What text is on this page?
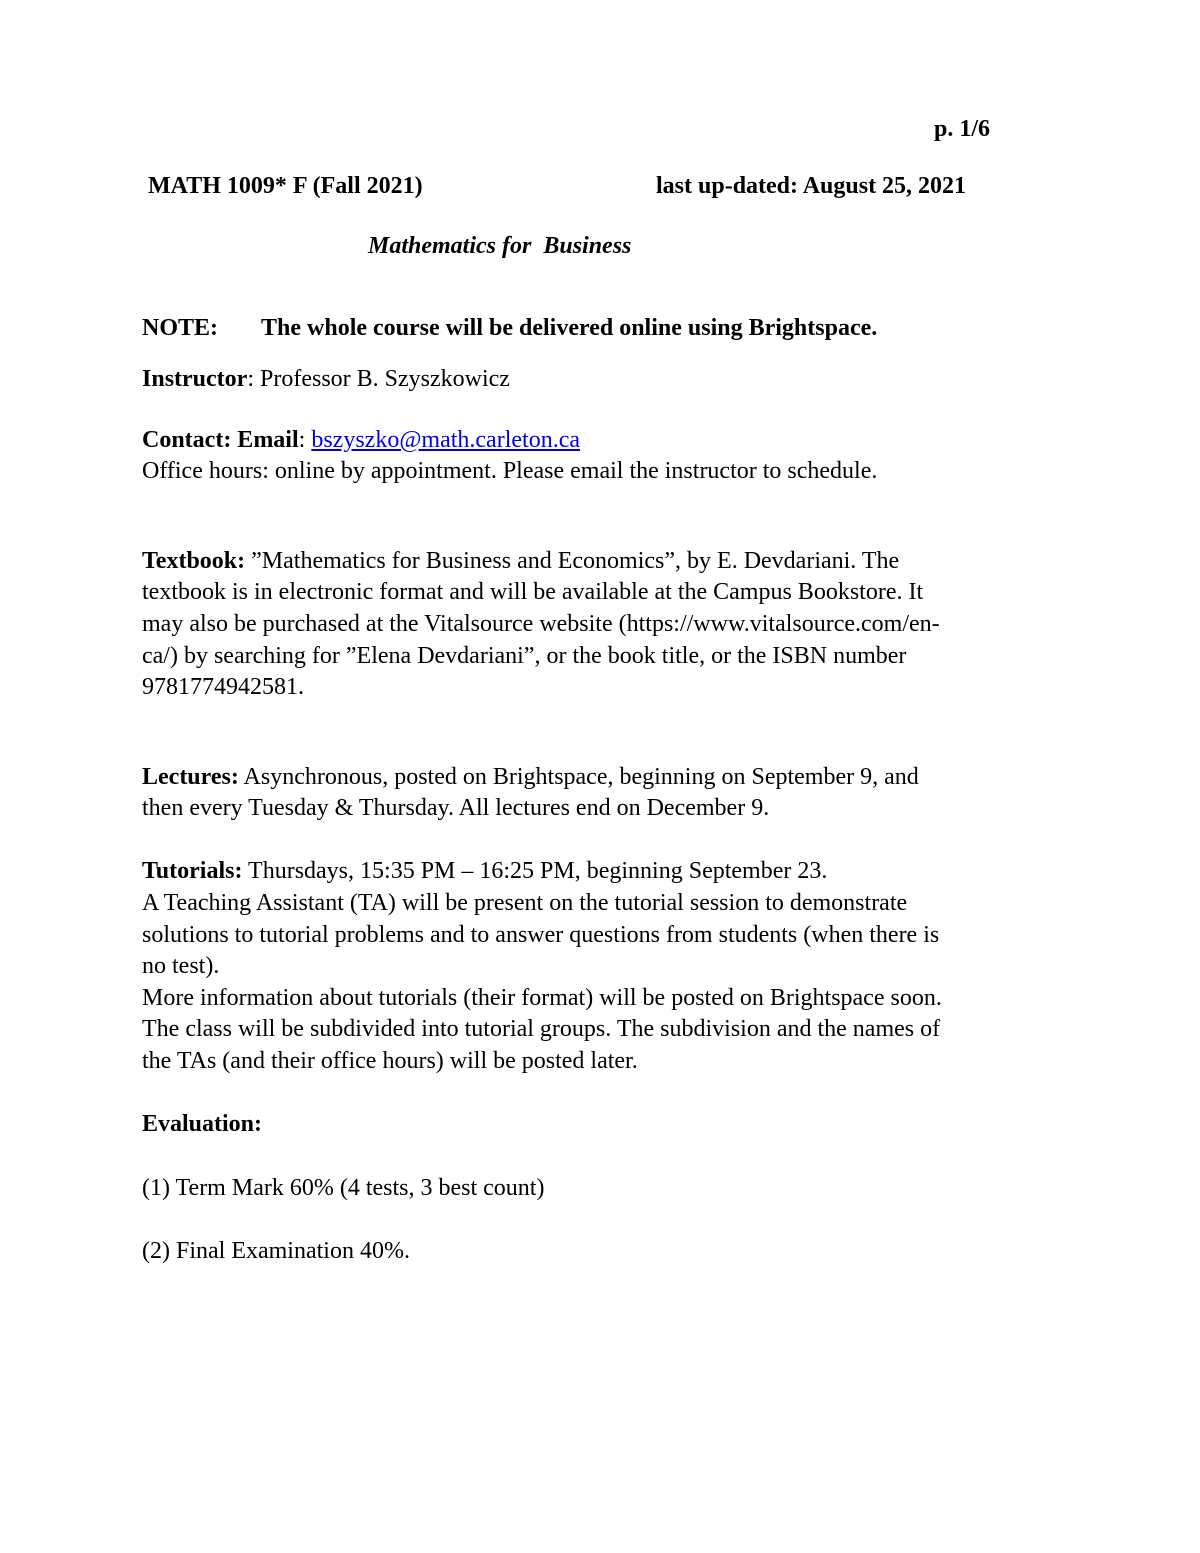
p. 1/6
MATH 1009* F (Fall 2021)	last up-dated: August 25, 2021
Mathematics for  Business
NOTE: The whole course will be delivered online using Brightspace.

Instructor: Professor B. Szyszkowicz

Contact: Email: bszyszko@math.carleton.ca

Office hours: online by appointment. Please email the instructor to schedule.

Textbook: ”Mathematics for Business and Economics”, by E. Devdariani. The

textbook is in electronic format and will be available at the Campus Bookstore. It

may also be purchased at the Vitalsource website (https://www.vitalsource.com/en-

ca/) by searching for ”Elena Devdariani”, or the book title, or the ISBN number

9781774942581.

Lectures: Asynchronous, posted on Brightspace, beginning on September 9, and

then every Tuesday & Thursday. All lectures end on December 9.

Tutorials: Thursdays, 15:35 PM – 16:25 PM, beginning September 23.

A Teaching Assistant (TA) will be present on the tutorial session to demonstrate

solutions to tutorial problems and to answer questions from students (when there is

no test).

More information about tutorials (their format) will be posted on Brightspace soon.

The class will be subdivided into tutorial groups. The subdivision and the names of

the TAs (and their office hours) will be posted later.

Evaluation:

(1) Term Mark 60% (4 tests, 3 best count)

(2) Final Examination 40%.
